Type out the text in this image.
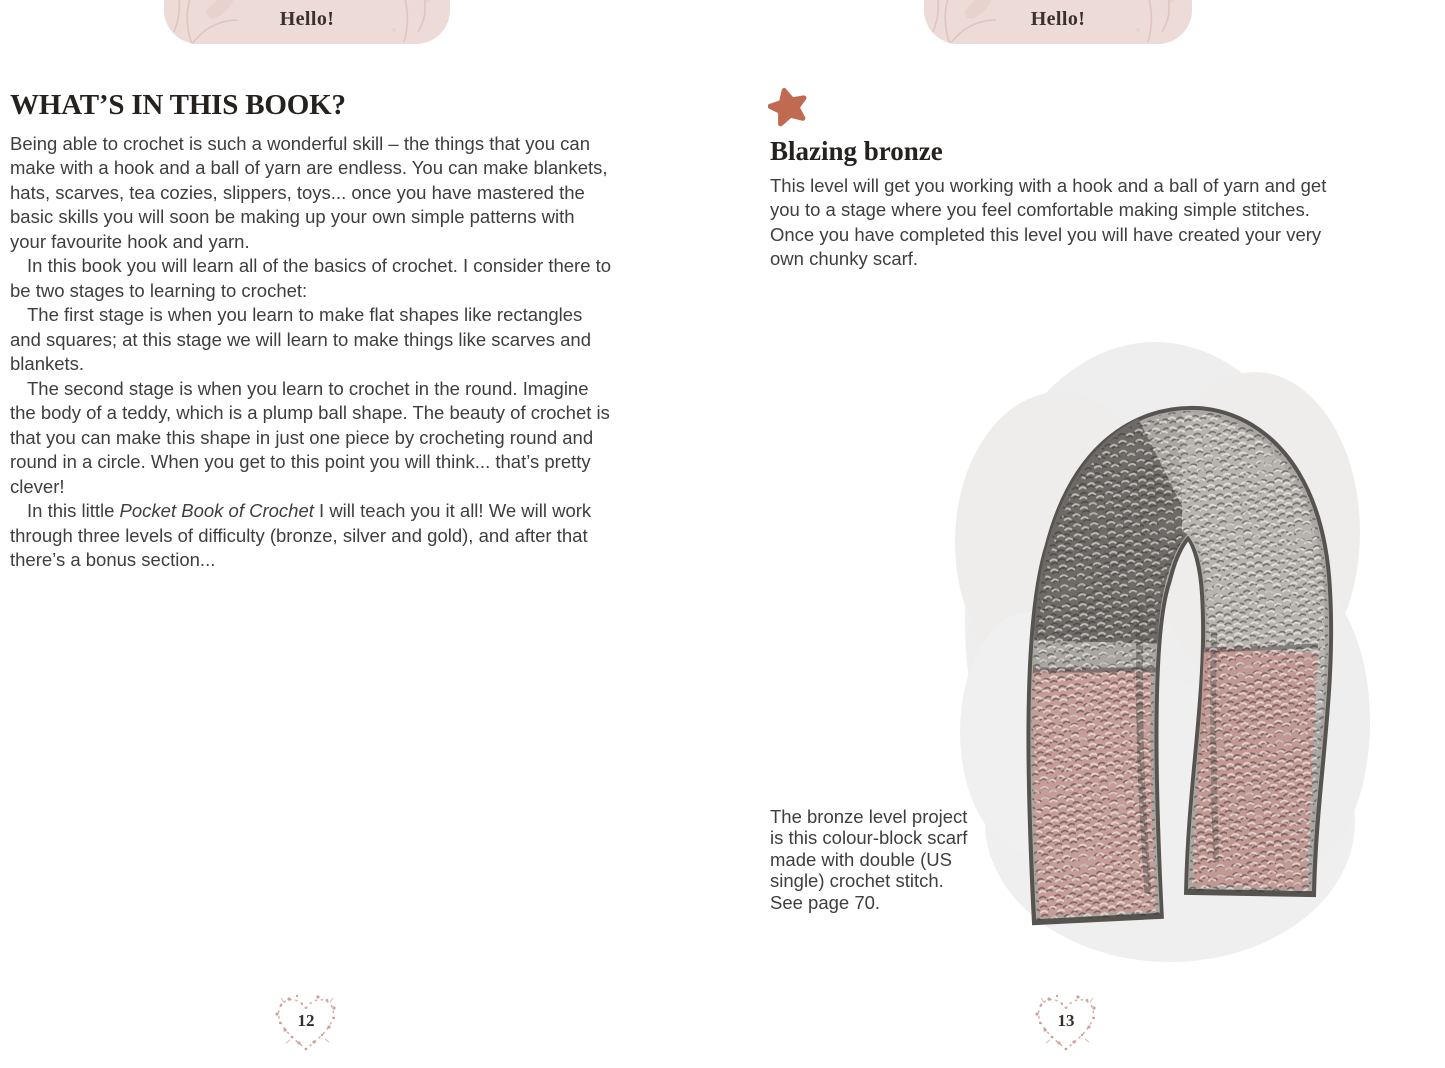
Hello!
WHAT’S IN THIS BOOK?

Being able to crochet is such a wonderful skill – the things that you can make with a hook and a ball of yarn are endless. You can make blankets, hats, scarves, tea cozies, slippers, toys... once you have mastered the basic skills you will soon be making up your own simple patterns with your favourite hook and yarn.

In this book you will learn all of the basics of crochet. I consider there to be two stages to learning to crochet:

The first stage is when you learn to make flat shapes like rectangles and squares; at this stage we will learn to make things like scarves and blankets.

The second stage is when you learn to crochet in the round. Imagine the body of a teddy, which is a plump ball shape. The beauty of crochet is that you can make this shape in just one piece by crocheting round and round in a circle. When you get to this point you will think... that’s pretty clever!

In this little Pocket Book of Crochet I will teach you it all! We will work through three levels of difficulty (bronze, silver and gold), and after that there’s a bonus section...

12
Hello!
Blazing bronze

This level will get you working with a hook and a ball of yarn and get you to a stage where you feel comfortable making simple stitches. Once you have completed this level you will have created your very own chunky scarf.

The bronze level project is this colour-block scarf made with double (US single) crochet stitch. See page 70.

13
